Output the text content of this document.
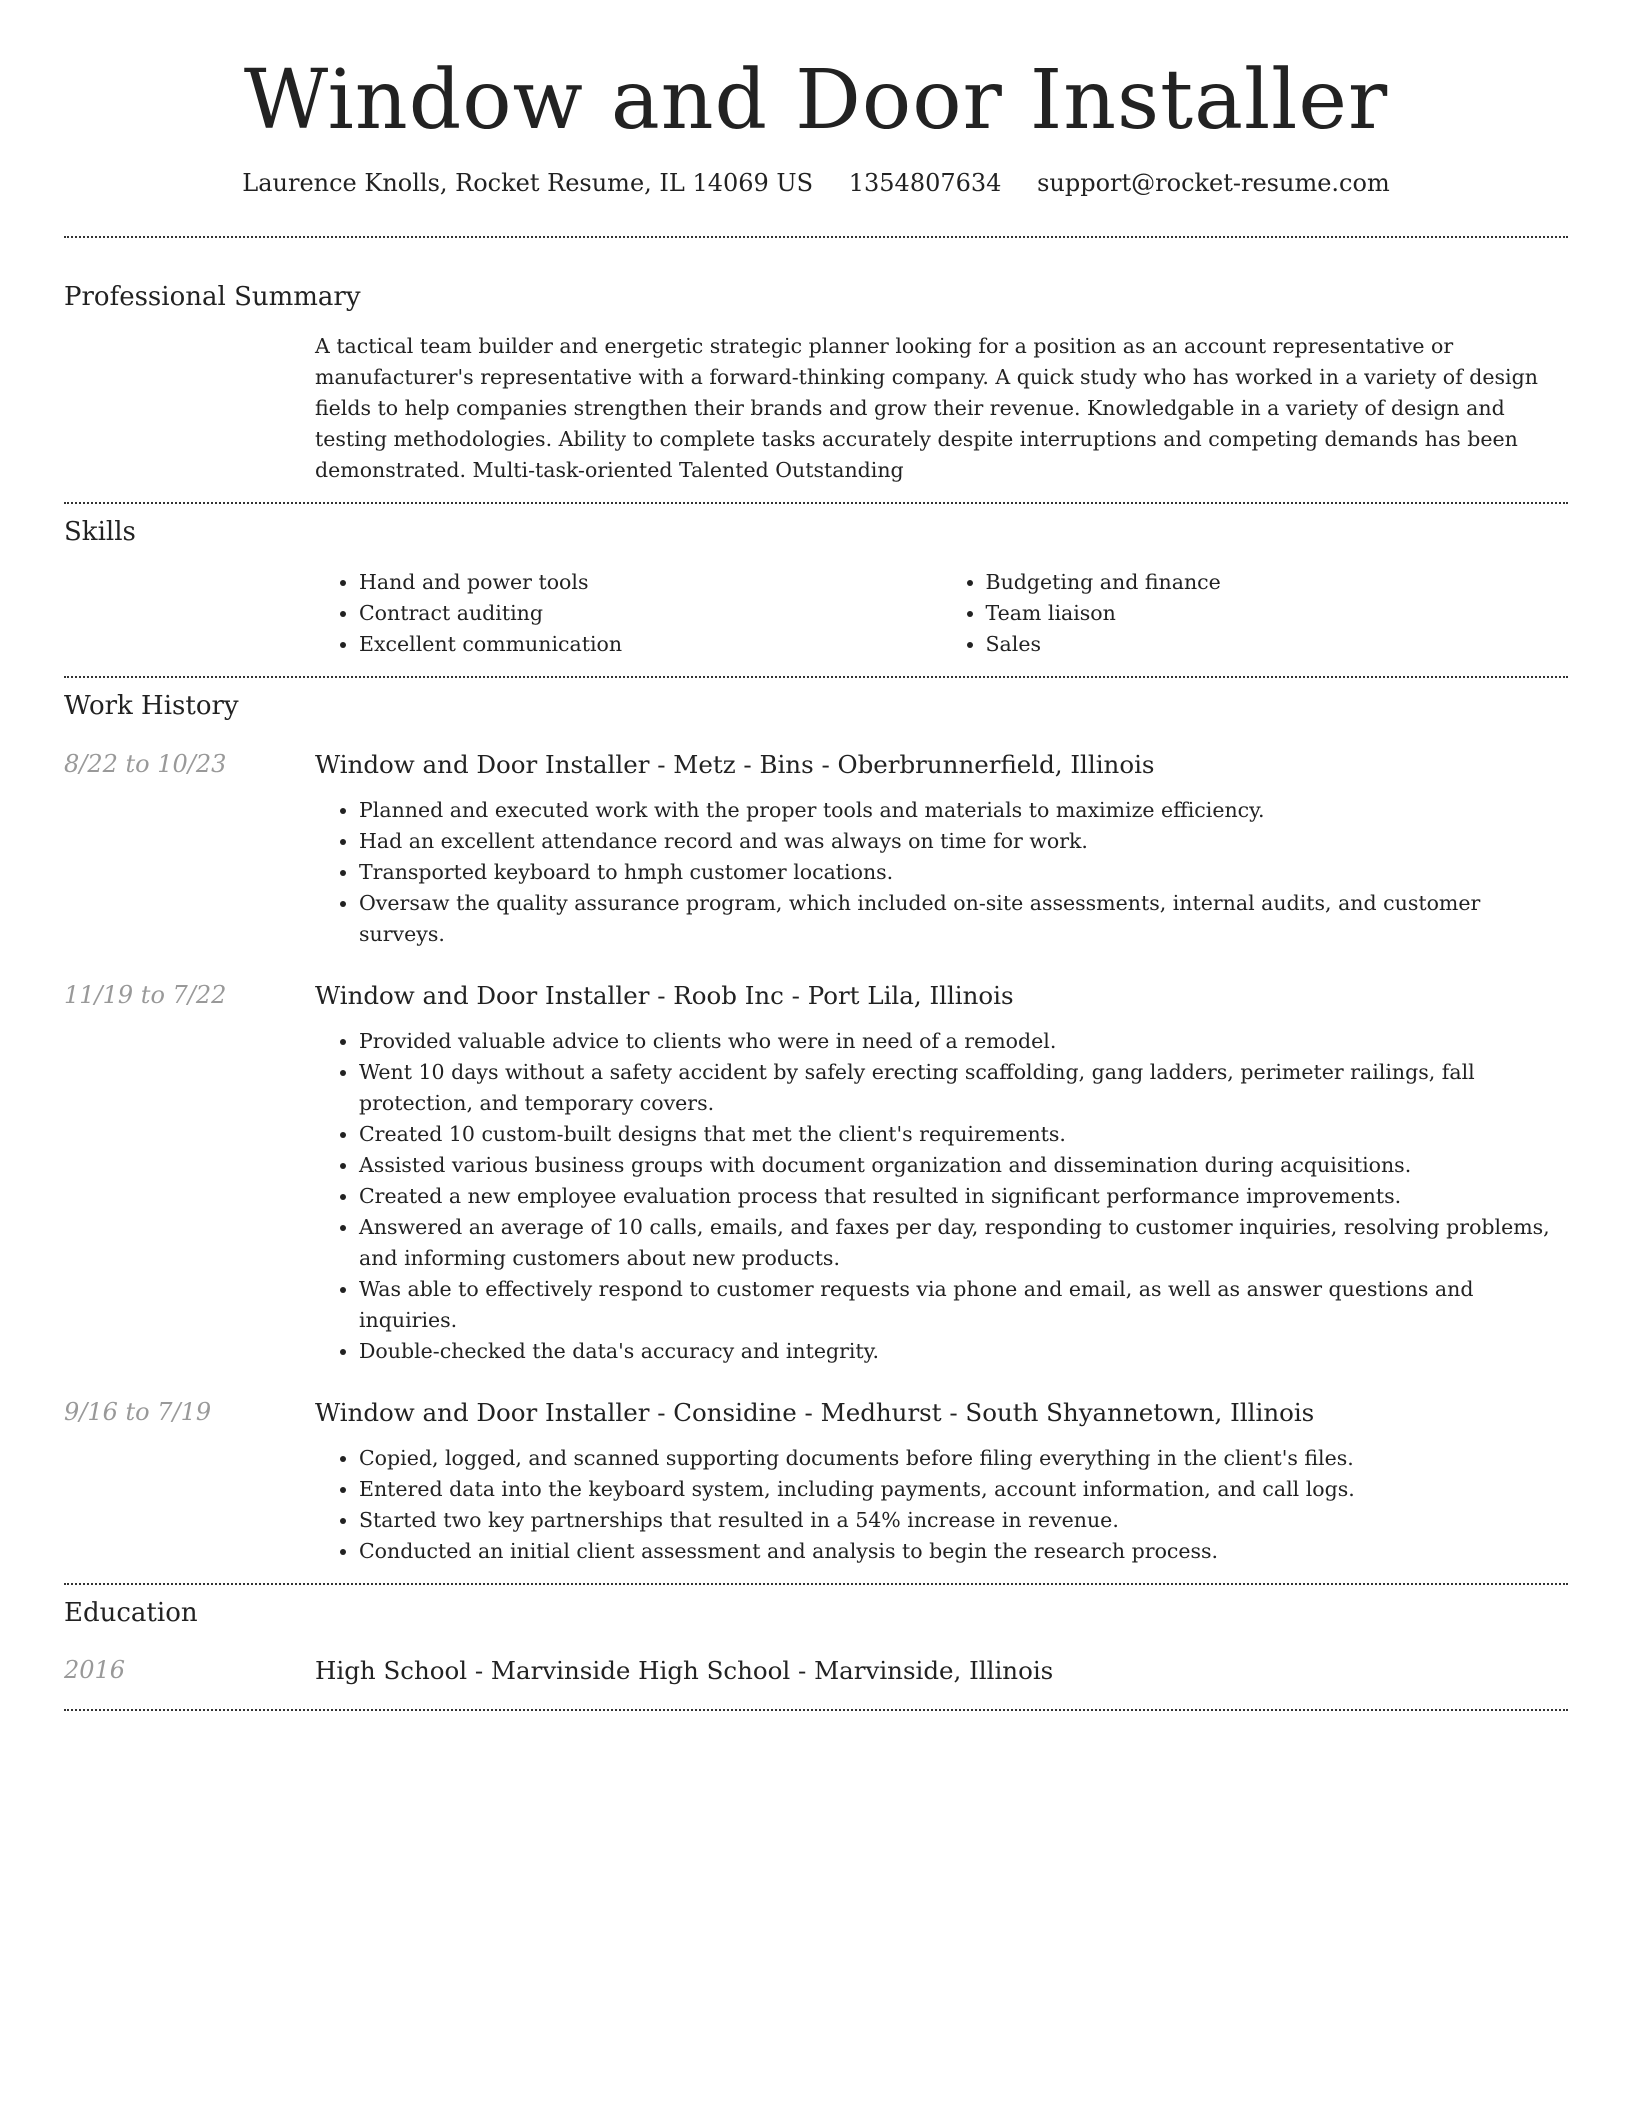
Window and Door Installer
Laurence Knolls, Rocket Resume, IL 14069 US 1354807634 support@rocket-resume.com
Professional Summary

A tactical team builder and energetic strategic planner looking for a position as an account representative or manufacturer's representative with a forward-thinking company. A quick study who has worked in a variety of design fields to help companies strengthen their brands and grow their revenue. Knowledgable in a variety of design and testing methodologies. Ability to complete tasks accurately despite interruptions and competing demands has been demonstrated. Multi-task-oriented Talented Outstanding

Skills
• Hand and power tools
• Contract auditing
• Excellent communication
• Budgeting and finance
• Team liaison
• Sales
Work History
8/22 to 10/23	Window and Door Installer - Metz - Bins - Oberbrunnerfield, Illinois
• Planned and executed work with the proper tools and materials to maximize efficiency.
• Had an excellent attendance record and was always on time for work.
• Transported keyboard to hmph customer locations.
• Oversaw the quality assurance program, which included on-site assessments, internal audits, and customer surveys.
11/19 to 7/22	Window and Door Installer - Roob Inc - Port Lila, Illinois
• Provided valuable advice to clients who were in need of a remodel.
• Went 10 days without a safety accident by safely erecting scaffolding, gang ladders, perimeter railings, fall protection, and temporary covers.
• Created 10 custom-built designs that met the client's requirements.
• Assisted various business groups with document organization and dissemination during acquisitions.
• Created a new employee evaluation process that resulted in significant performance improvements.
• Answered an average of 10 calls, emails, and faxes per day, responding to customer inquiries, resolving problems, and informing customers about new products.
• Was able to effectively respond to customer requests via phone and email, as well as answer questions and inquiries.
• Double-checked the data's accuracy and integrity.
9/16 to 7/19	Window and Door Installer - Considine - Medhurst - South Shyannetown, Illinois
• Copied, logged, and scanned supporting documents before filing everything in the client's files.
• Entered data into the keyboard system, including payments, account information, and call logs.
• Started two key partnerships that resulted in a 54% increase in revenue.
• Conducted an initial client assessment and analysis to begin the research process.
Education
2016	High School - Marvinside High School - Marvinside, Illinois
